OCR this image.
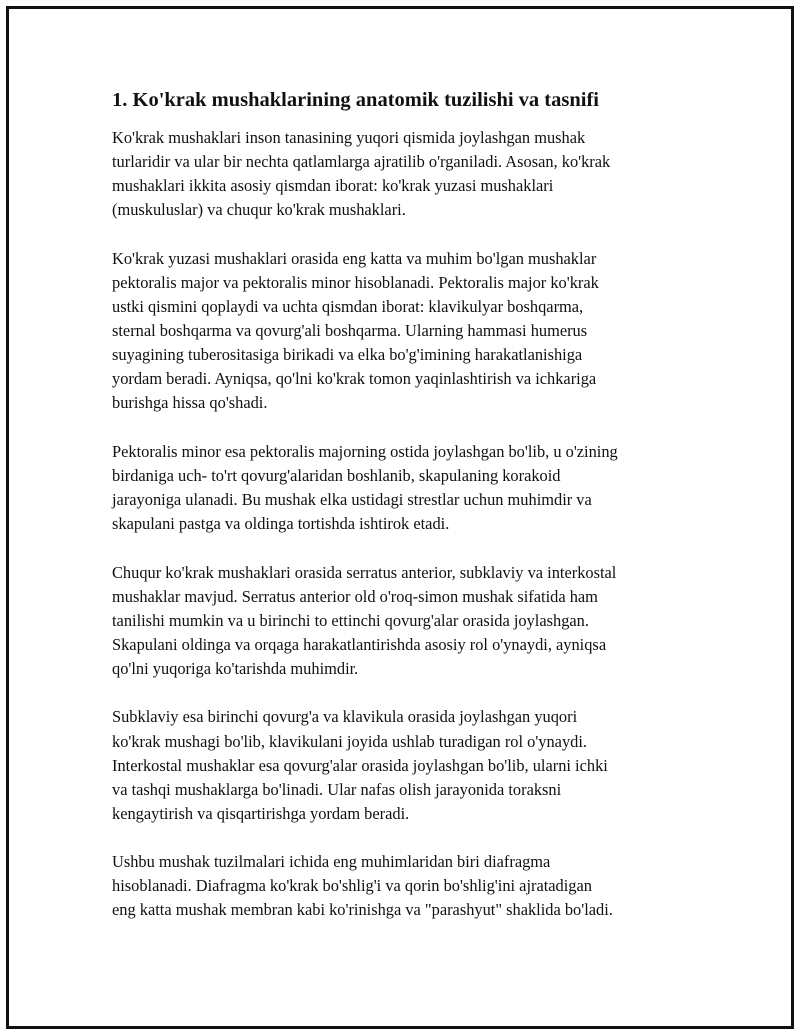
1. Ko'krak mushaklarining anatomik tuzilishi va tasnifi

Ko'krak mushaklari inson tanasining yuqori qismida joylashgan mushak
turlaridir va ular bir nechta qatlamlarga ajratilib o'rganiladi. Asosan, ko'krak
mushaklari ikkita asosiy qismdan iborat: ko'krak yuzasi mushaklari
(muskuluslar) va chuqur ko'krak mushaklari.

Ko'krak yuzasi mushaklari orasida eng katta va muhim bo'lgan mushaklar
pektoralis major va pektoralis minor hisoblanadi. Pektoralis major ko'krak
ustki qismini qoplaydi va uchta qismdan iborat: klavikulyar boshqarma,
sternal boshqarma va qovurg'ali boshqarma. Ularning hammasi humerus
suyagining tuberositasiga birikadi va elka bo'g'imining harakatlanishiga
yordam beradi. Ayniqsa, qo'lni ko'krak tomon yaqinlashtirish va ichkariga
burishga hissa qo'shadi.

Pektoralis minor esa pektoralis majorning ostida joylashgan bo'lib, u o'zining
birdaniga uch- to'rt qovurg'alaridan boshlanib, skapulaning korakoid
jarayoniga ulanadi. Bu mushak elka ustidagi strestlar uchun muhimdir va
skapulani pastga va oldinga tortishda ishtirok etadi.

Chuqur ko'krak mushaklari orasida serratus anterior, subklaviy va interkostal
mushaklar mavjud. Serratus anterior old o'roq-simon mushak sifatida ham
tanilishi mumkin va u birinchi to ettinchi qovurg'alar orasida joylashgan.
Skapulani oldinga va orqaga harakatlantirishda asosiy rol o'ynaydi, ayniqsa
qo'lni yuqoriga ko'tarishda muhimdir.

Subklaviy esa birinchi qovurg'a va klavikula orasida joylashgan yuqori
ko'krak mushagi bo'lib, klavikulani joyida ushlab turadigan rol o'ynaydi.
Interkostal mushaklar esa qovurg'alar orasida joylashgan bo'lib, ularni ichki
va tashqi mushaklarga bo'linadi. Ular nafas olish jarayonida toraksni
kengaytirish va qisqartirishga yordam beradi.

Ushbu mushak tuzilmalari ichida eng muhimlaridan biri diafragma
hisoblanadi. Diafragma ko'krak bo'shlig'i va qorin bo'shlig'ini ajratadigan
eng katta mushak membran kabi ko'rinishga va "parashyut" shaklida bo'ladi.
